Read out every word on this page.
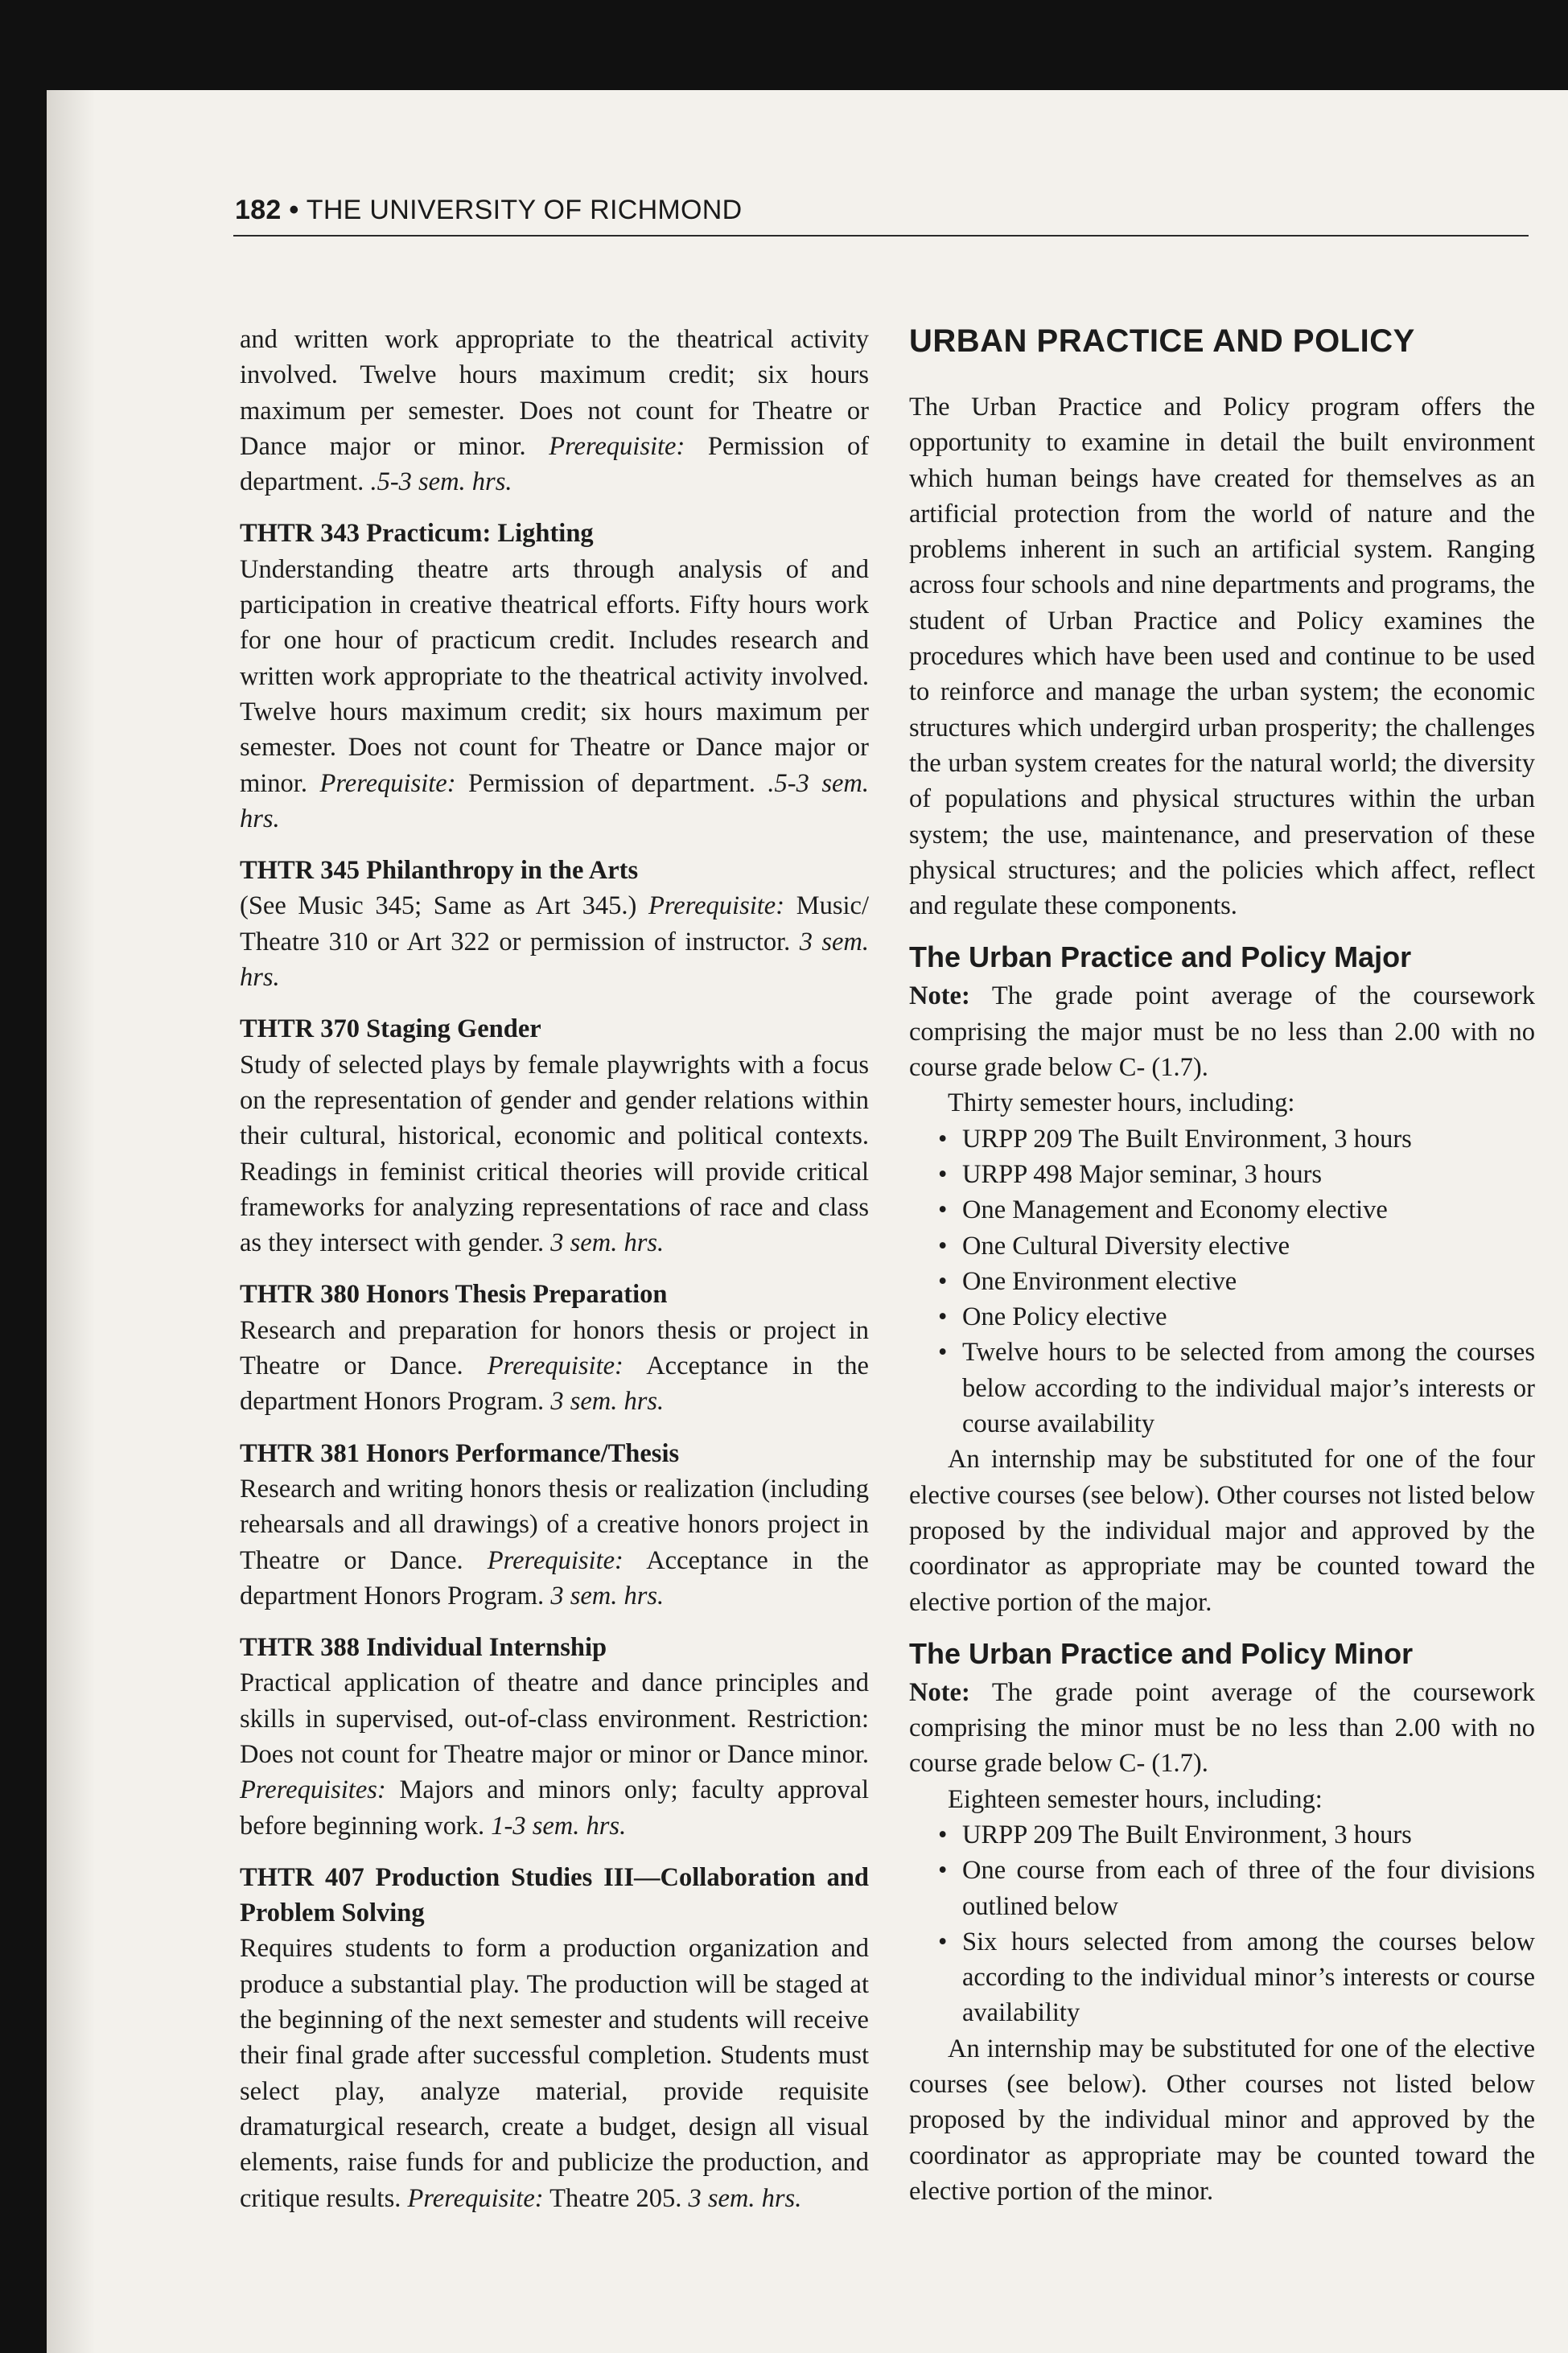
182 • THE UNIVERSITY OF RICHMOND

and written work appropriate to the theatrical activity involved. Twelve hours maximum credit; six hours maximum per semester. Does not count for Theatre or Dance major or minor. Prerequisite: Permission of department. .5-3 sem. hrs.

THTR 343 Practicum: Lighting

Understanding theatre arts through analysis of and participation in creative theatrical efforts. Fifty hours work for one hour of practicum credit. Includes research and written work appropriate to the theatrical activity involved. Twelve hours maximum credit; six hours maximum per semester. Does not count for Theatre or Dance major or minor. Prerequisite: Permission of department. .5-3 sem. hrs.

THTR 345 Philanthropy in the Arts

(See Music 345; Same as Art 345.) Prerequisite: Music/ Theatre 310 or Art 322 or permission of instructor. 3 sem. hrs.

THTR 370 Staging Gender

Study of selected plays by female playwrights with a focus on the representation of gender and gender relations within their cultural, historical, economic and political contexts. Readings in feminist critical theories will provide critical frameworks for analyzing representations of race and class as they intersect with gender. 3 sem. hrs.

THTR 380 Honors Thesis Preparation

Research and preparation for honors thesis or project in Theatre or Dance. Prerequisite: Acceptance in the department Honors Program. 3 sem. hrs.

THTR 381 Honors Performance/Thesis

Research and writing honors thesis or realization (including rehearsals and all drawings) of a creative honors project in Theatre or Dance. Prerequisite: Acceptance in the department Honors Program. 3 sem. hrs.

THTR 388 Individual Internship

Practical application of theatre and dance principles and skills in supervised, out-of-class environment. Restriction: Does not count for Theatre major or minor or Dance minor. Prerequisites: Majors and minors only; faculty approval before beginning work. 1-3 sem. hrs.

THTR 407 Production Studies III—Collaboration and Problem Solving

Requires students to form a production organization and produce a substantial play. The production will be staged at the beginning of the next semester and students will receive their final grade after successful completion. Students must select play, analyze material, provide requisite dramaturgical research, create a budget, design all visual elements, raise funds for and publicize the production, and critique results. Prerequisite: Theatre 205. 3 sem. hrs.

URBAN PRACTICE AND POLICY

The Urban Practice and Policy program offers the opportunity to examine in detail the built environment which human beings have created for themselves as an artificial protection from the world of nature and the problems inherent in such an artificial system. Ranging across four schools and nine departments and programs, the student of Urban Practice and Policy examines the procedures which have been used and continue to be used to reinforce and manage the urban system; the economic structures which undergird urban prosperity; the challenges the urban system creates for the natural world; the diversity of populations and physical structures within the urban system; the use, maintenance, and preservation of these physical structures; and the policies which affect, reflect and regulate these components.

The Urban Practice and Policy Major

Note: The grade point average of the coursework comprising the major must be no less than 2.00 with no course grade below C- (1.7).

Thirty semester hours, including:

• URPP 209 The Built Environment, 3 hours
• URPP 498 Major seminar, 3 hours
• One Management and Economy elective
• One Cultural Diversity elective
• One Environment elective
• One Policy elective
• Twelve hours to be selected from among the courses below according to the individual major’s interests or course availability

An internship may be substituted for one of the four elective courses (see below). Other courses not listed below proposed by the individual major and approved by the coordinator as appropriate may be counted toward the elective portion of the major.

The Urban Practice and Policy Minor

Note: The grade point average of the coursework comprising the minor must be no less than 2.00 with no course grade below C- (1.7).

Eighteen semester hours, including:

• URPP 209 The Built Environment, 3 hours
• One course from each of three of the four divisions outlined below
• Six hours selected from among the courses below according to the individual minor’s interests or course availability

An internship may be substituted for one of the elective courses (see below). Other courses not listed below proposed by the individual minor and approved by the coordinator as appropriate may be counted toward the elective portion of the minor.
